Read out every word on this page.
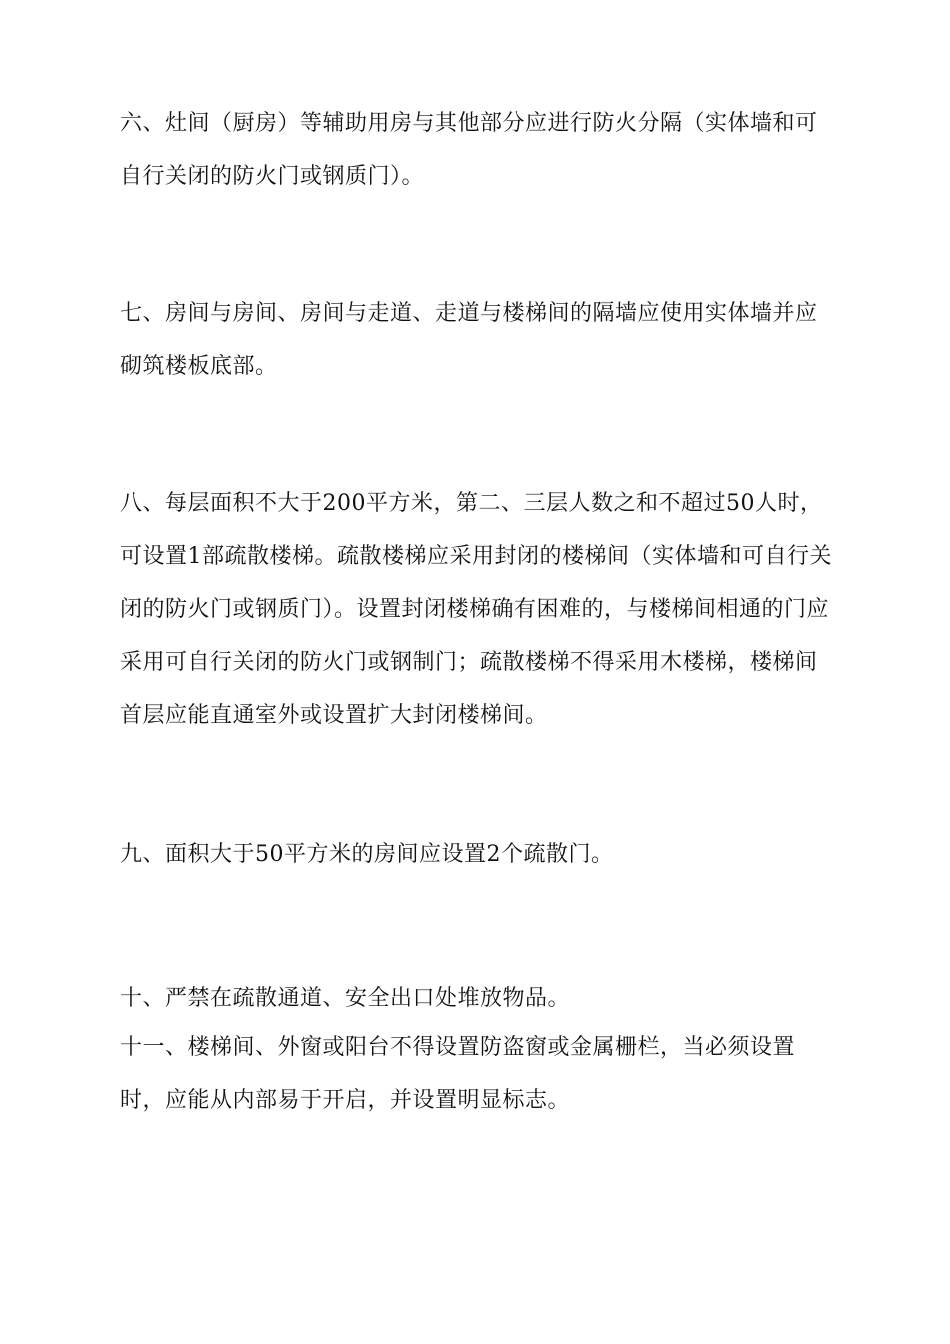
六、灶间（厨房）等辅助用房与其他部分应进行防火分隔（实体墙和可自行关闭的防火门或钢质门）。

七、房间与房间、房间与走道、走道与楼梯间的隔墙应使用实体墙并应砌筑楼板底部。

八、每层面积不大于200平方米，第二、三层人数之和不超过50人时，可设置1部疏散楼梯。疏散楼梯应采用封闭的楼梯间（实体墙和可自行关闭的防火门或钢质门）。设置封闭楼梯确有困难的，与楼梯间相通的门应采用可自行关闭的防火门或钢制门；疏散楼梯不得采用木楼梯，楼梯间首层应能直通室外或设置扩大封闭楼梯间。

九、面积大于50平方米的房间应设置2个疏散门。

十、严禁在疏散通道、安全出口处堆放物品。

十一、楼梯间、外窗或阳台不得设置防盗窗或金属栅栏，当必须设置时，应能从内部易于开启，并设置明显标志。
